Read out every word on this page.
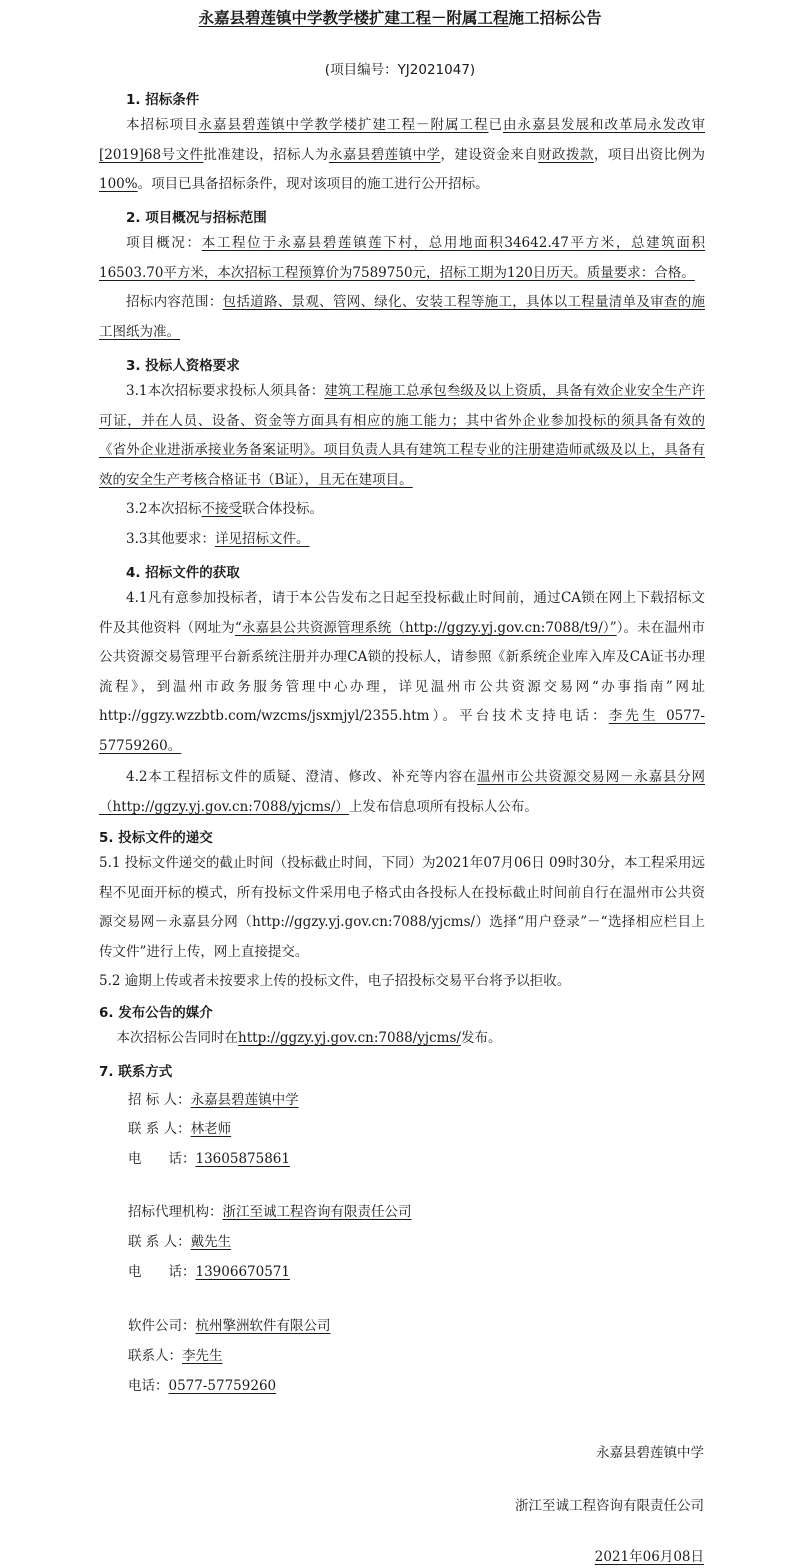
永嘉县碧莲镇中学教学楼扩建工程－附属工程施工招标公告
(项目编号：YJ2021047)
1. 招标条件
本招标项目永嘉县碧莲镇中学教学楼扩建工程－附属工程已由永嘉县发展和改革局永发改审[2019]68号文件批准建设，招标人为永嘉县碧莲镇中学，建设资金来自财政拨款，项目出资比例为100%。项目已具备招标条件，现对该项目的施工进行公开招标。
2. 项目概况与招标范围
项目概况：本工程位于永嘉县碧莲镇莲下村，总用地面积34642.47平方米，总建筑面积16503.70平方米，本次招标工程预算价为7589750元，招标工期为120日历天。质量要求：合格。
招标内容范围：包括道路、景观、管网、绿化、安装工程等施工，具体以工程量清单及审查的施工图纸为准。
3. 投标人资格要求
3.1本次招标要求投标人须具备：建筑工程施工总承包叁级及以上资质，具备有效企业安全生产许可证，并在人员、设备、资金等方面具有相应的施工能力；其中省外企业参加投标的须具备有效的《省外企业进浙承接业务备案证明》。项目负责人具有建筑工程专业的注册建造师贰级及以上，具备有效的安全生产考核合格证书（B证），且无在建项目。
3.2本次招标不接受联合体投标。
3.3其他要求：详见招标文件。
4. 招标文件的获取
4.1凡有意参加投标者，请于本公告发布之日起至投标截止时间前，通过CA锁在网上下载招标文件及其他资料（网址为“永嘉县公共资源管理系统（http://ggzy.yj.gov.cn:7088/t9/）”）。未在温州市公共资源交易管理平台新系统注册并办理CA锁的投标人，请参照《新系统企业库入库及CA证书办理流程》，到温州市政务服务管理中心办理，详见温州市公共资源交易网“办事指南”网址 http://ggzy.wzzbtb.com/wzcms/jsxmjyl/2355.htm）。平台技术支持电话：李先生 0577-57759260。
4.2本工程招标文件的质疑、澄清、修改、补充等内容在温州市公共资源交易网－永嘉县分网（http://ggzy.yj.gov.cn:7088/yjcms/）上发布信息项所有投标人公布。
5. 投标文件的递交
5.1 投标文件递交的截止时间（投标截止时间，下同）为2021年07月06日 09时30分，本工程采用远程不见面开标的模式，所有投标文件采用电子格式由各投标人在投标截止时间前自行在温州市公共资源交易网－永嘉县分网（http://ggzy.yj.gov.cn:7088/yjcms/）选择“用户登录”－“选择相应栏目上传文件”进行上传，网上直接提交。
5.2 逾期上传或者未按要求上传的投标文件，电子招投标交易平台将予以拒收。
6. 发布公告的媒介
本次招标公告同时在http://ggzy.yj.gov.cn:7088/yjcms/发布。
7. 联系方式
招 标 人：永嘉县碧莲镇中学
联 系 人：林老师
电　　话：13605875861
招标代理机构：浙江至诚工程咨询有限责任公司
联 系 人：戴先生
电　　话：13906670571
软件公司：杭州擎洲软件有限公司
联系人：李先生
电话：0577-57759260
永嘉县碧莲镇中学
浙江至诚工程咨询有限责任公司
2021年06月08日
